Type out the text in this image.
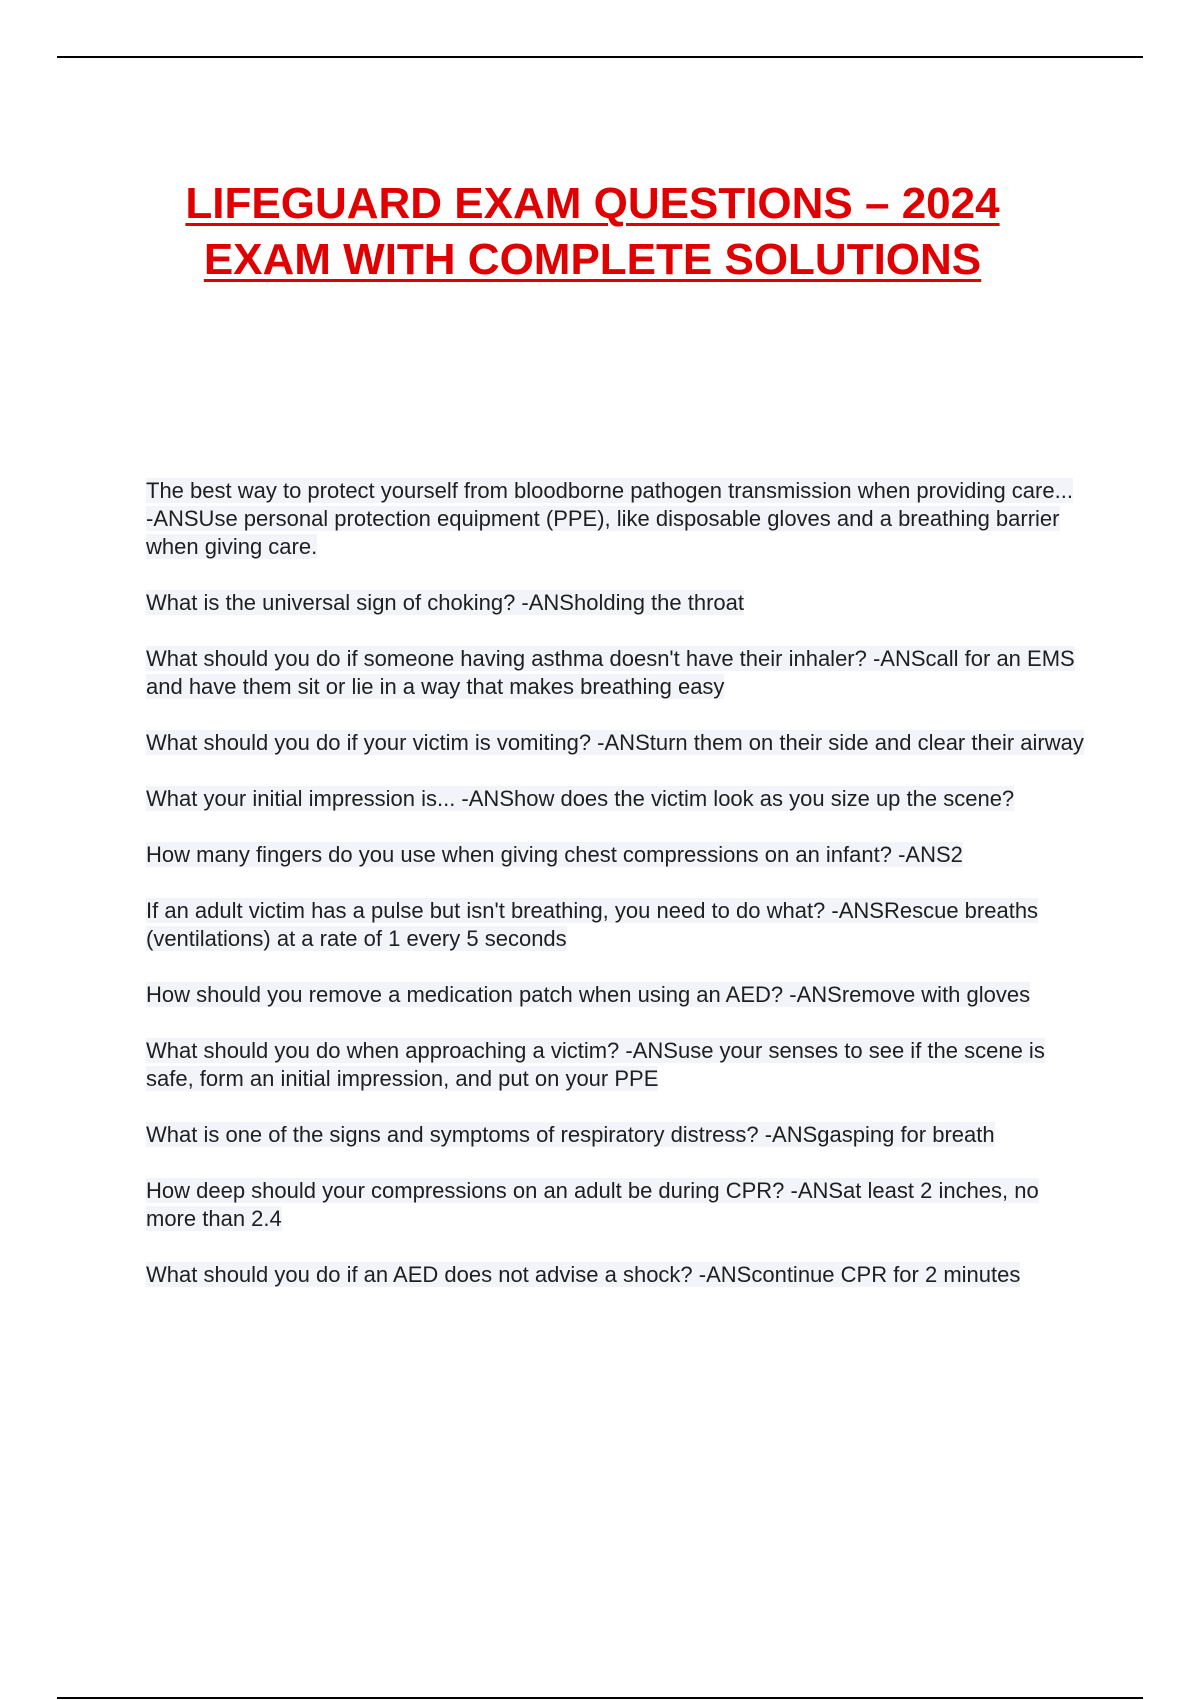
LIFEGUARD EXAM QUESTIONS – 2024 EXAM WITH COMPLETE SOLUTIONS

The best way to protect yourself from bloodborne pathogen transmission when providing care... -ANSUse personal protection equipment (PPE), like disposable gloves and a breathing barrier when giving care.

What is the universal sign of choking? -ANSholding the throat

What should you do if someone having asthma doesn't have their inhaler? -ANScall for an EMS and have them sit or lie in a way that makes breathing easy

What should you do if your victim is vomiting? -ANSturn them on their side and clear their airway

What your initial impression is... -ANShow does the victim look as you size up the scene?

How many fingers do you use when giving chest compressions on an infant? -ANS2

If an adult victim has a pulse but isn't breathing, you need to do what? -ANSRescue breaths (ventilations) at a rate of 1 every 5 seconds

How should you remove a medication patch when using an AED? -ANSremove with gloves

What should you do when approaching a victim? -ANSuse your senses to see if the scene is safe, form an initial impression, and put on your PPE

What is one of the signs and symptoms of respiratory distress? -ANSgasping for breath

How deep should your compressions on an adult be during CPR? -ANSat least 2 inches, no more than 2.4

What should you do if an AED does not advise a shock? -ANScontinue CPR for 2 minutes
